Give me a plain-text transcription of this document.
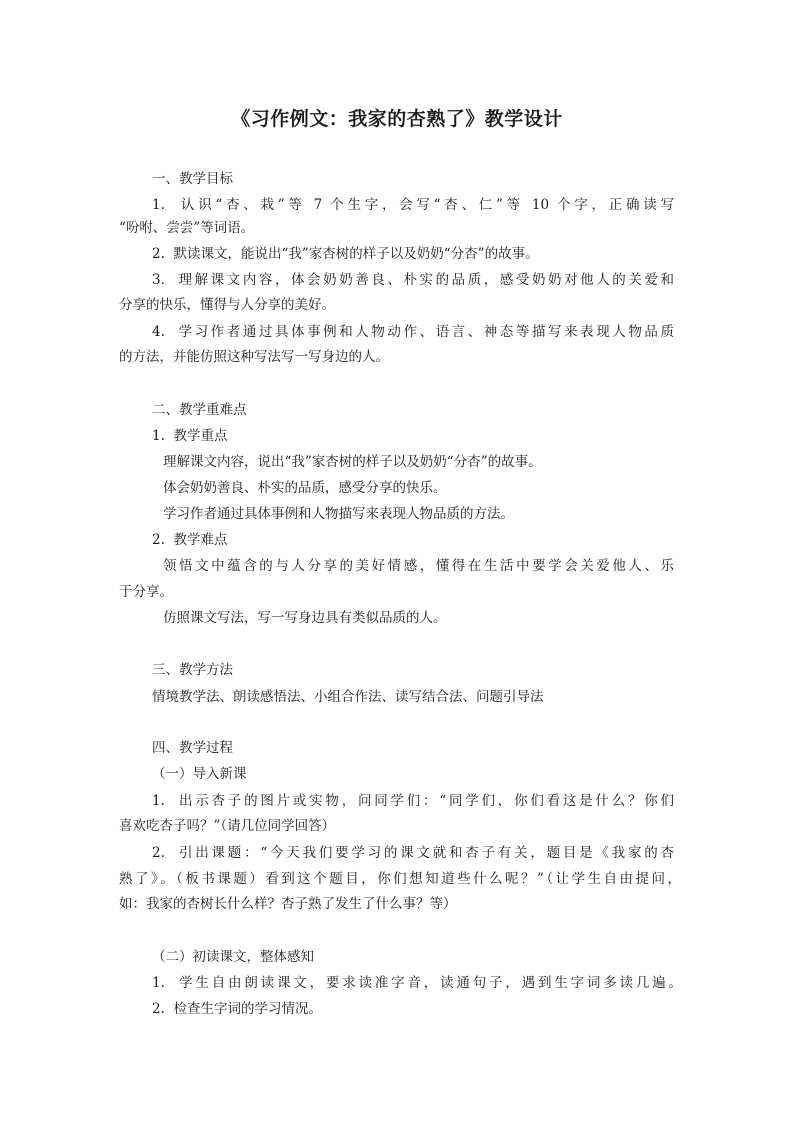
《习作例文：我家的杏熟了》教学设计
一、教学目标
1.  认识“杏、栽”等 7 个生字，会写“杏、仁”等 10 个字，正确读写
“吩咐、尝尝”等词语。
2.  默读课文，能说出“我”家杏树的样子以及奶奶“分杏”的故事。
3.  理解课文内容，体会奶奶善良、朴实的品质，感受奶奶对他人的关爱和
分享的快乐，懂得与人分享的美好。
4.  学习作者通过具体事例和人物动作、语言、神态等描写来表现人物品质
的方法，并能仿照这种写法写一写身边的人。
二、教学重难点
1.  教学重点
理解课文内容，说出“我”家杏树的样子以及奶奶“分杏”的故事。
体会奶奶善良、朴实的品质，感受分享的快乐。
学习作者通过具体事例和人物描写来表现人物品质的方法。
2.  教学难点
领悟文中蕴含的与人分享的美好情感，懂得在生活中要学会关爱他人、乐
于分享。
仿照课文写法，写一写身边具有类似品质的人。
三、教学方法
情境教学法、朗读感悟法、小组合作法、读写结合法、问题引导法
四、教学过程
（一）导入新课
1.  出示杏子的图片或实物，问同学们：“同学们，你们看这是什么？你们
喜欢吃杏子吗？”（请几位同学回答）
2.  引出课题：“今天我们要学习的课文就和杏子有关，题目是《我家的杏
熟了》。（板书课题）看到这个题目，你们想知道些什么呢？”（让学生自由提问，
如：我家的杏树长什么样？杏子熟了发生了什么事？等）
（二）初读课文，整体感知
1.  学生自由朗读课文，要求读准字音，读通句子，遇到生字词多读几遍。
2.  检查生字词的学习情况。
